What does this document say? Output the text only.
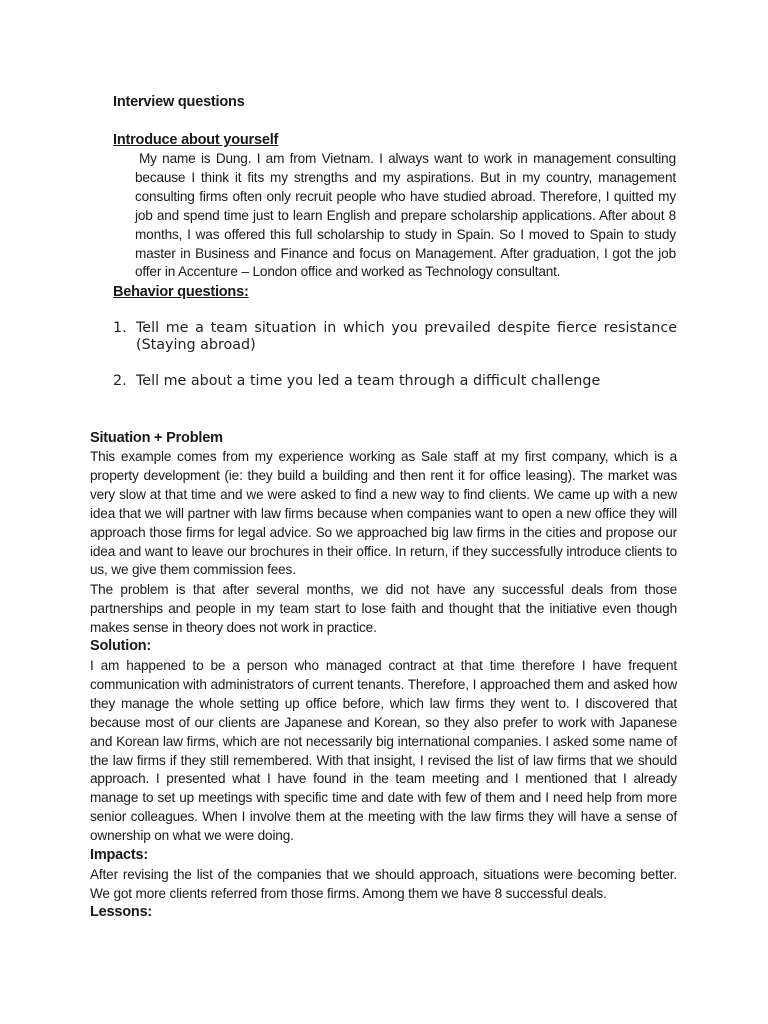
Interview questions
Introduce about yourself
My name is Dung. I am from Vietnam. I always want to work in management consulting because I think it fits my strengths and my aspirations. But in my country, management consulting firms often only recruit people who have studied abroad. Therefore, I quitted my job and spend time just to learn English and prepare scholarship applications. After about 8 months, I was offered this full scholarship to study in Spain. So I moved to Spain to study master in Business and Finance and focus on Management. After graduation, I got the job offer in Accenture – London office and worked as Technology consultant.
Behavior questions:
1. Tell me a team situation in which you prevailed despite fierce resistance (Staying abroad)
2. Tell me about a time you led a team through a difficult challenge
Situation + Problem
This example comes from my experience working as Sale staff at my first company, which is a property development (ie: they build a building and then rent it for office leasing). The market was very slow at that time and we were asked to find a new way to find clients. We came up with a new idea that we will partner with law firms because when companies want to open a new office they will approach those firms for legal advice. So we approached big law firms in the cities and propose our idea and want to leave our brochures in their office. In return, if they successfully introduce clients to us, we give them commission fees.
The problem is that after several months, we did not have any successful deals from those partnerships and people in my team start to lose faith and thought that the initiative even though makes sense in theory does not work in practice.
Solution:
I am happened to be a person who managed contract at that time therefore I have frequent communication with administrators of current tenants. Therefore, I approached them and asked how they manage the whole setting up office before, which law firms they went to. I discovered that because most of our clients are Japanese and Korean, so they also prefer to work with Japanese and Korean law firms, which are not necessarily big international companies. I asked some name of the law firms if they still remembered. With that insight, I revised the list of law firms that we should approach. I presented what I have found in the team meeting and I mentioned that I already manage to set up meetings with specific time and date with few of them and I need help from more senior colleagues. When I involve them at the meeting with the law firms they will have a sense of ownership on what we were doing.
Impacts:
After revising the list of the companies that we should approach, situations were becoming better. We got more clients referred from those firms. Among them we have 8 successful deals.
Lessons:
